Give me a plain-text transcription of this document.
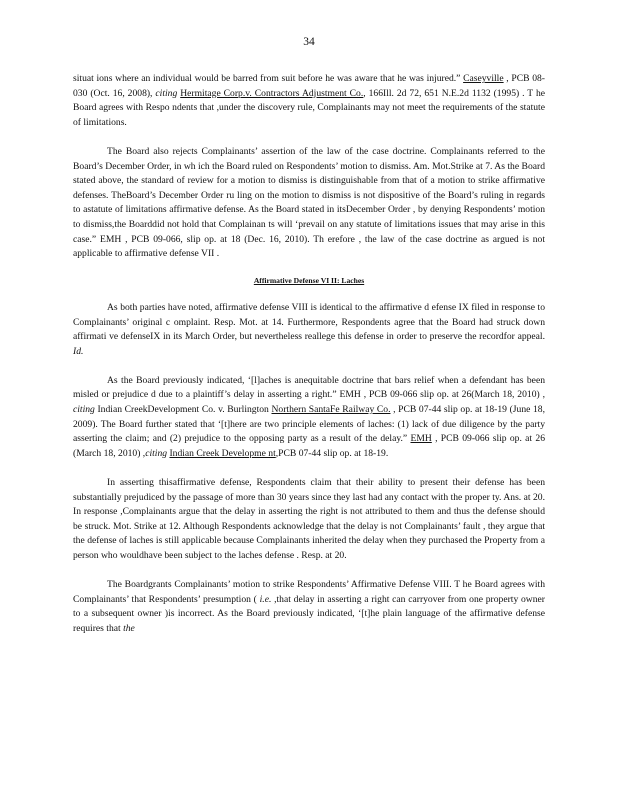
34

situat ions where an individual would be barred from suit before he was aware that he was injured.” Caseyville , PCB 08-030 (Oct. 16, 2008), citing Hermitage Corp.v. Contractors Adjustment Co., 166Ill. 2d 72, 651 N.E.2d 1132 (1995) . T he Board agrees with Respo ndents that ,under the discovery rule, Complainants may not meet the requirements of the statute of limitations.

The Board also rejects Complainants’ assertion of the law of the case doctrine. Complainants referred to the Board’s December Order, in wh ich the Board ruled on Respondents’ motion to dismiss. Am. Mot.Strike at 7. As the Board stated above, the standard of review for a motion to dismiss is distinguishable from that of a motion to strike affirmative defenses. TheBoard’s December Order ru ling on the motion to dismiss is not dispositive of the Board’s ruling in regards to astatute of limitations affirmative defense. As the Board stated in itsDecember Order , by denying Respondents’ motion to dismiss,the Boarddid not hold that Complainan ts will ‘prevail on any statute of limitations issues that may arise in this case.” EMH , PCB 09-066, slip op. at 18 (Dec. 16, 2010). Th erefore , the law of the case doctrine as argued is not applicable to affirmative defense VII .

Affirmative Defense VI II: Laches

As both parties have noted, affirmative defense VIII is identical to the affirmative d efense IX filed in response to Complainants’ original c omplaint. Resp. Mot. at 14. Furthermore, Respondents agree that the Board had struck down affirmati ve defenseIX in its March Order, but nevertheless reallege this defense in order to preserve the recordfor appeal. Id.

As the Board previously indicated, ‘[l]aches is anequitable doctrine that bars relief when a defendant has been misled or prejudice d due to a plaintiff’s delay in asserting a right.” EMH , PCB 09-066 slip op. at 26(March 18, 2010) , citing Indian CreekDevelopment Co. v. Burlington Northern SantaFe Railway Co. , PCB 07-44 slip op. at 18-19 (June 18, 2009). The Board further stated that ‘[t]here are two principle elements of laches: (1) lack of due diligence by the party asserting the claim; and (2) prejudice to the opposing party as a result of the delay.” EMH , PCB 09-066 slip op. at 26 (March 18, 2010) ,citing Indian Creek Developme nt,PCB 07-44 slip op. at 18-19.

In asserting thisaffirmative defense, Respondents claim that their ability to present their defense has been substantially prejudiced by the passage of more than 30 years since they last had any contact with the proper ty. Ans. at 20. In response ,Complainants argue that the delay in asserting the right is not attributed to them and thus the defense should be struck. Mot. Strike at 12. Although Respondents acknowledge that the delay is not Complainants’ fault , they argue that the defense of laches is still applicable because Complainants inherited the delay when they purchased the Property from a person who wouldhave been subject to the laches defense . Resp. at 20.

The Boardgrants Complainants’ motion to strike Respondents’ Affirmative Defense VIII. T he Board agrees with Complainants’ that Respondents’ presumption ( i.e. ,that delay in asserting a right can carryover from one property owner to a subsequent owner )is incorrect. As the Board previously indicated, ‘[t]he plain language of the affirmative defense requires that the
